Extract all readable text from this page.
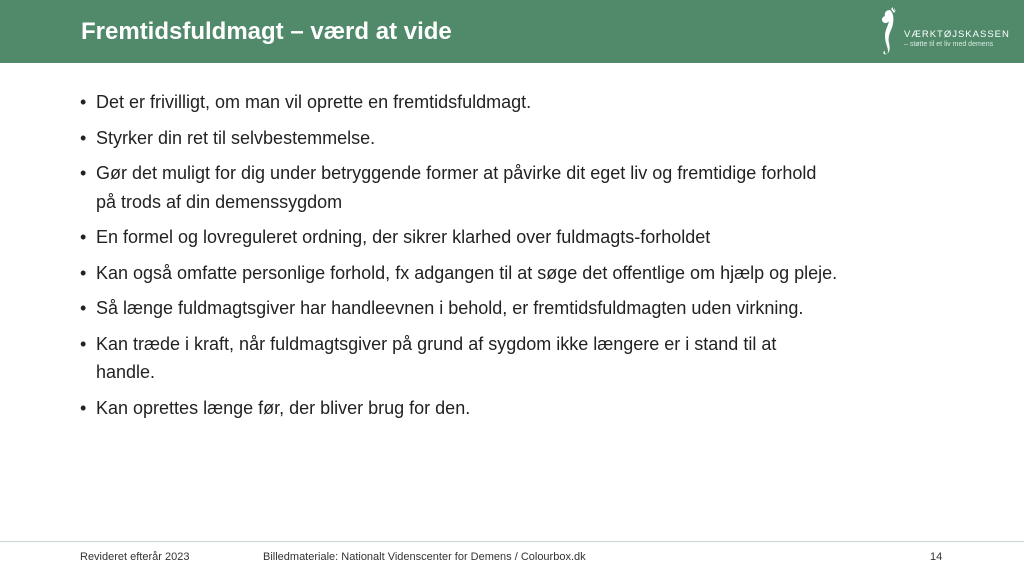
Fremtidsfuldmagt – værd at vide	VÆRKTØJSKASSEN
– støtte til et liv med demens
• Det er frivilligt, om man vil oprette en fremtidsfuldmagt.
• Styrker din ret til selvbestemmelse.
• Gør det muligt for dig under betryggende former at påvirke dit eget liv og fremtidige forhold på trods af din demenssygdom
• En formel og lovreguleret ordning, der sikrer klarhed over fuldmagts-forholdet
• Kan også omfatte personlige forhold, fx adgangen til at søge det offentlige om hjælp og pleje.
• Så længe fuldmagtsgiver har handleevnen i behold, er fremtidsfuldmagten uden virkning.
• Kan træde i kraft, når fuldmagtsgiver på grund af sygdom ikke længere er i stand til at handle.
• Kan oprettes længe før, der bliver brug for den.
Revideret efterår 2023	Billedmateriale: Nationalt Videnscenter for Demens / Colourbox.dk	14
